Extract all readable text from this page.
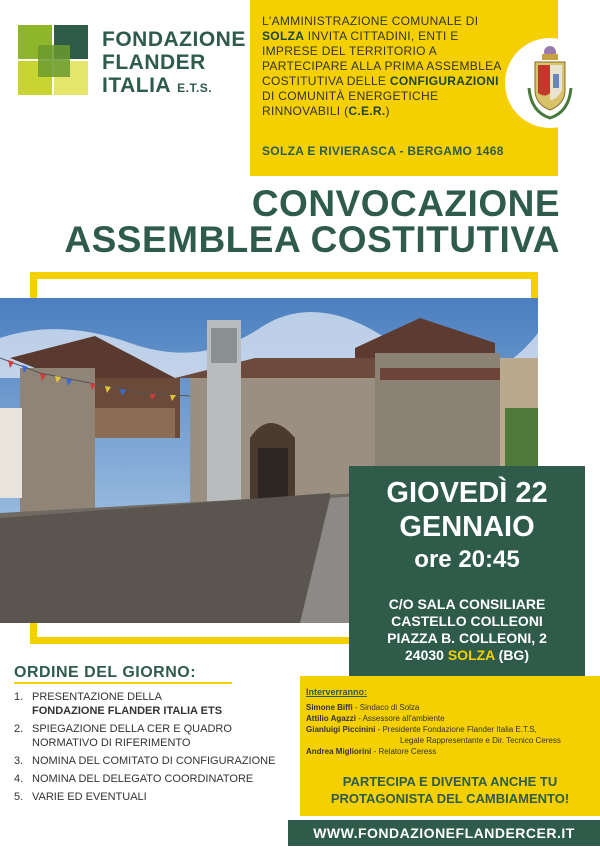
FONDAZIONE
FLANDER
ITALIA E.T.S.
L'AMMINISTRAZIONE COMUNALE DI SOLZA INVITA CITTADINI, ENTI E IMPRESE DEL TERRITORIO A PARTECIPARE ALLA PRIMA ASSEMBLEA COSTITUTIVA DELLE CONFIGURAZIONI DI COMUNITÀ ENERGETICHE RINNOVABILI (C.E.R.)
SOLZA E RIVIERASCA - BERGAMO 1468
CONVOCAZIONE
ASSEMBLEA COSTITUTIVA
GIOVEDÌ 22
GENNAIO
ore 20:45
C/O SALA CONSILIARE
CASTELLO COLLEONI
PIAZZA B. COLLEONI, 2
24030 SOLZA (BG)
Interverranno:
Simone Biffi - Sindaco di Solza
Attilio Agazzi - Assessore all'ambiente
Gianluigi Piccinini - Presidente Fondazione Flander Italia E.T.S,
Legale Rappresentante e Dir. Tecnico Ceress
Andrea Migliorini - Relatore Ceress
PARTECIPA E DIVENTA ANCHE TU
PROTAGONISTA DEL CAMBIAMENTO!
WWW.FONDAZIONEFLANDERCER.IT
ORDINE DEL GIORNO:
1. PRESENTAZIONE DELLA
FONDAZIONE FLANDER ITALIA ETS
2. SPIEGAZIONE DELLA CER E QUADRO NORMATIVO DI RIFERIMENTO
3. NOMINA DEL COMITATO DI CONFIGURAZIONE
4. NOMINA DEL DELEGATO COORDINATORE
5. VARIE ED EVENTUALI
